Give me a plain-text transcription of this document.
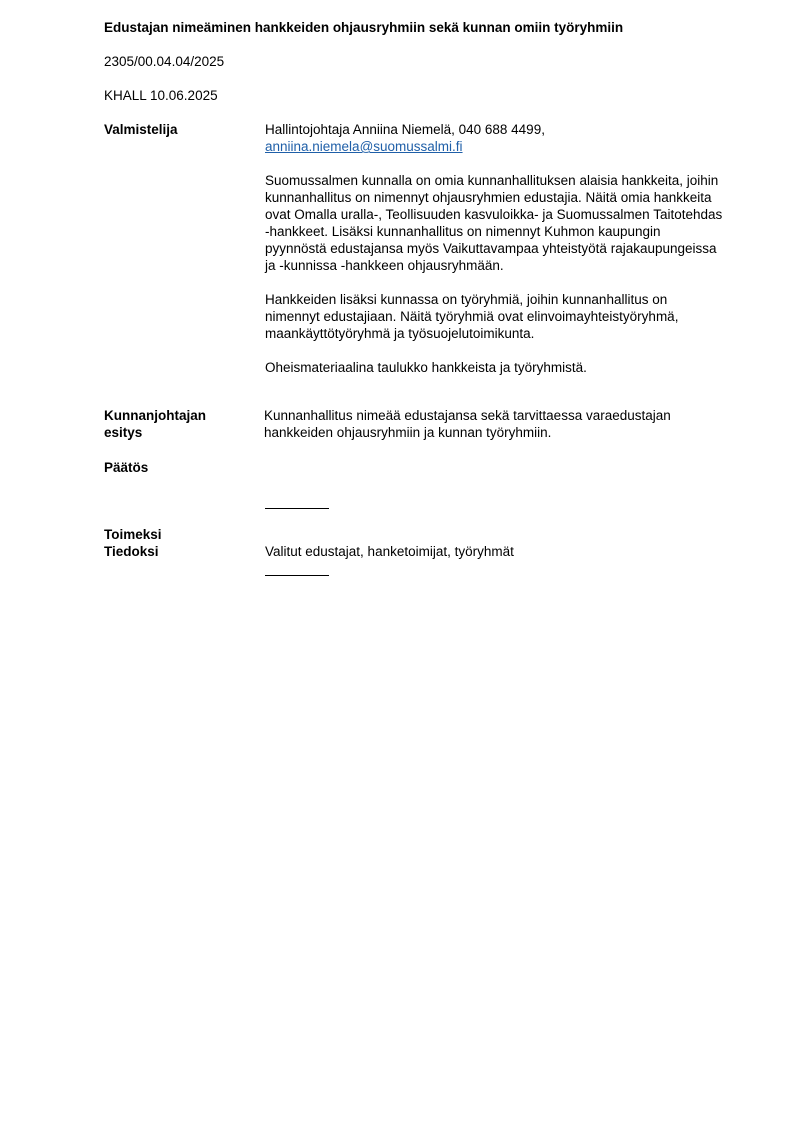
Edustajan nimeäminen hankkeiden ohjausryhmiin sekä kunnan omiin työryhmiin
2305/00.04.04/2025
KHALL 10.06.2025
Valmistelija	Hallintojohtaja Anniina Niemelä, 040 688 4499,
anniina.niemela@suomussalmi.fi

Suomussalmen kunnalla on omia kunnanhallituksen alaisia hankkeita, joihin kunnanhallitus on nimennyt ohjausryhmien edustajia. Näitä omia hankkeita ovat Omalla uralla-, Teollisuuden kasvuloikka- ja Suomussalmen Taitotehdas -hankkeet. Lisäksi kunnanhallitus on nimennyt Kuhmon kaupungin pyynnöstä edustajansa myös Vaikuttavampaa yhteistyötä rajakaupungeissa ja -kunnissa -hankkeen ohjausryhmään.

Hankkeiden lisäksi kunnassa on työryhmiä, joihin kunnanhallitus on nimennyt edustajiaan. Näitä työryhmiä ovat elinvoimayhteistyöryhmä, maankäyttötyöryhmä ja työsuojelutoimikunta.

Oheismateriaalina taulukko hankkeista ja työryhmistä.

Kunnanjohtajan
esitys
Kunnanhallitus nimeää edustajansa sekä tarvittaessa varaedustajan hankkeiden ohjausryhmiin ja kunnan työryhmiin.
Päätös
Toimeksi
Tiedoksi	Valitut edustajat, hanketoimijat, työryhmät
